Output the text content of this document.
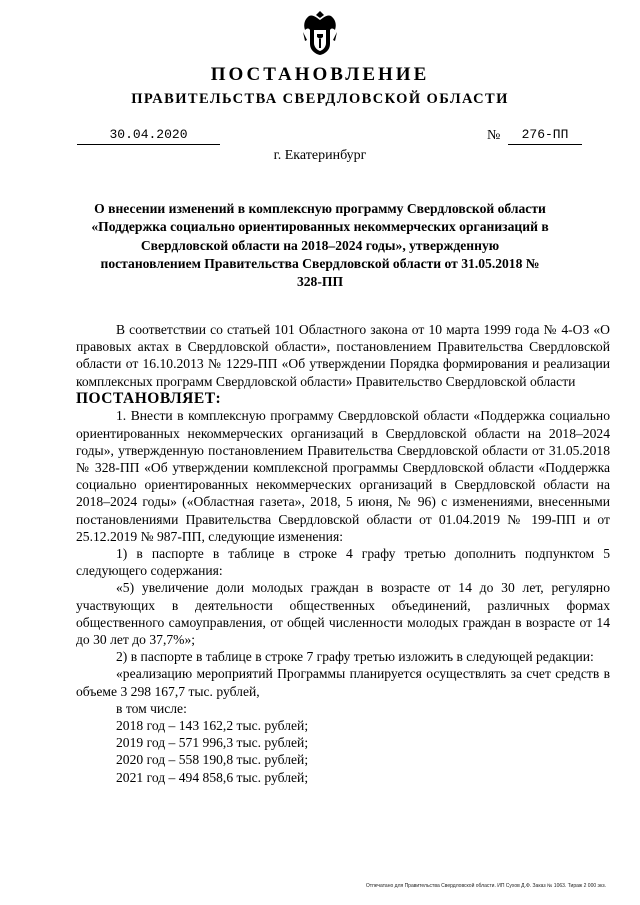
ПОСТАНОВЛЕНИЕ
ПРАВИТЕЛЬСТВА СВЕРДЛОВСКОЙ ОБЛАСТИ
30.04.2020	№	276-ПП
г. Екатеринбург
О внесении изменений в комплексную программу Свердловской области «Поддержка социально ориентированных некоммерческих организаций в Свердловской области на 2018–2024 годы», утвержденную постановлением Правительства Свердловской области от 31.05.2018 № 328-ПП

В соответствии со статьей 101 Областного закона от 10 марта 1999 года № 4-ОЗ «О правовых актах в Свердловской области», постановлением Правительства Свердловской области от 16.10.2013 № 1229-ПП «Об утверждении Порядка формирования и реализации комплексных программ Свердловской области» Правительство Свердловской области

ПОСТАНОВЛЯЕТ:

1. Внести в комплексную программу Свердловской области «Поддержка социально ориентированных некоммерческих организаций в Свердловской области на 2018–2024 годы», утвержденную постановлением Правительства Свердловской области от 31.05.2018 № 328-ПП «Об утверждении комплексной программы Свердловской области «Поддержка социально ориентированных некоммерческих организаций в Свердловской области на 2018–2024 годы» («Областная газета», 2018, 5 июня, № 96) с изменениями, внесенными постановлениями Правительства Свердловской области от 01.04.2019 № 199-ПП и от 25.12.2019 № 987-ПП, следующие изменения:

1) в паспорте в таблице в строке 4 графу третью дополнить подпунктом 5 следующего содержания:

«5) увеличение доли молодых граждан в возрасте от 14 до 30 лет, регулярно участвующих в деятельности общественных объединений, различных формах общественного самоуправления, от общей численности молодых граждан в возрасте от 14 до 30 лет до 37,7%»;

2) в паспорте в таблице в строке 7 графу третью изложить в следующей редакции:

«реализацию мероприятий Программы планируется осуществлять за счет средств в объеме 3 298 167,7 тыс. рублей,

в том числе:

2018 год – 143 162,2 тыс. рублей;
2019 год – 571 996,3 тыс. рублей;
2020 год – 558 190,8 тыс. рублей;
2021 год – 494 858,6 тыс. рублей;
Отпечатано для Правительства Свердловской области. ИП Сухов Д.Ф. Заказ № 1063. Тираж 2 000 экз.
